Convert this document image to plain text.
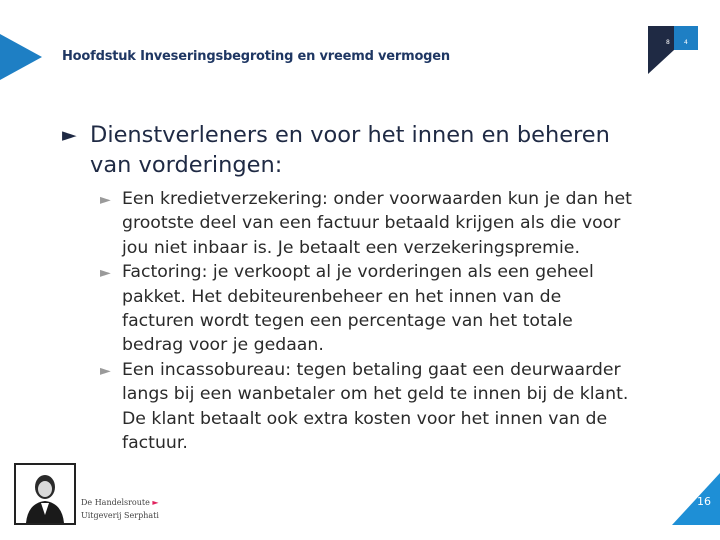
Hoofdstuk Inveseringsbegroting en vreemd vermogen
8 4
► Dienstverleners en voor het innen en beheren
van vorderingen:
► Een kredietverzekering: onder voorwaarden kun je dan het
grootste deel van een factuur betaald krijgen als die voor
jou niet inbaar is. Je betaalt een verzekeringspremie.
► Factoring: je verkoopt al je vorderingen als een geheel
pakket. Het debiteurenbeheer en het innen van de
facturen wordt tegen een percentage van het totale
bedrag voor je gedaan.
► Een incassobureau: tegen betaling gaat een deurwaarder
langs bij een wanbetaler om het geld te innen bij de klant.
De klant betaalt ook extra kosten voor het innen van de
factuur.
De Handelsroute ►
Uitgeverij Serphati
16
